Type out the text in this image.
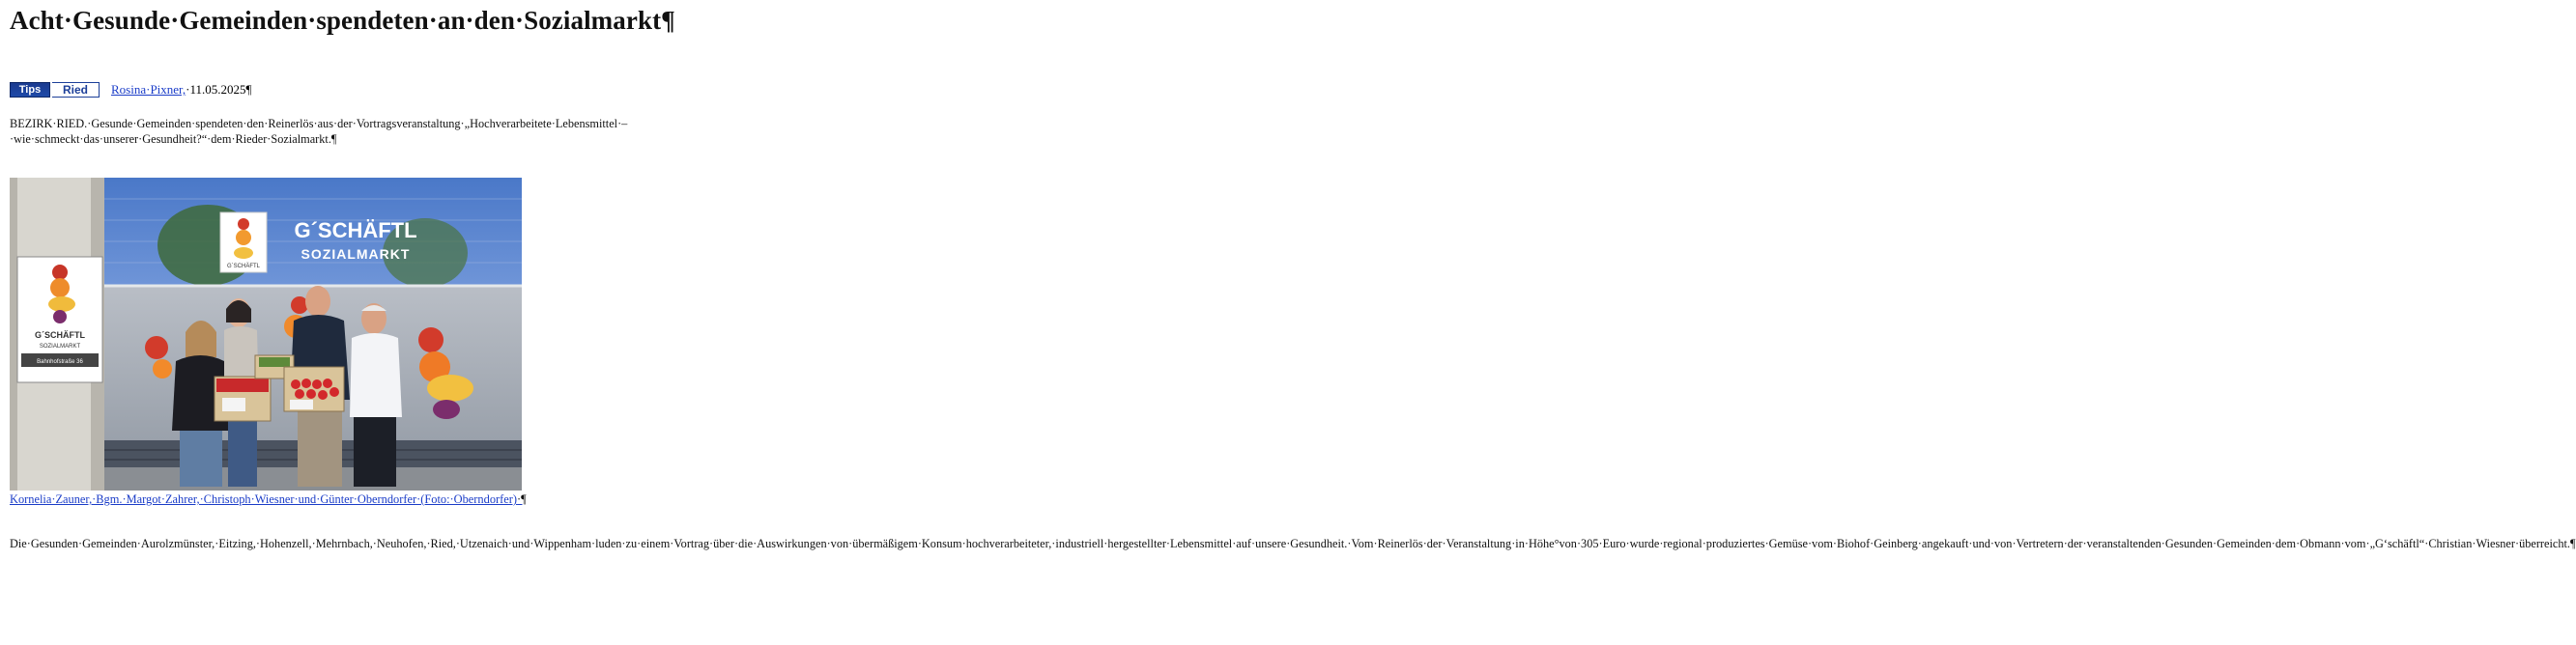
Acht·Gesunde·Gemeinden·spendeten·an·den·Sozialmarkt¶
Tips	Ried	Rosina·Pixner,·11.05.2025¶

BEZIRK·RIED.·Gesunde·Gemeinden·spendeten·den·Reinerlös·aus·der·Vortragsveranstaltung·„Hochverarbeitete·Lebensmittel·–·wie·schmeckt·das·unserer·Gesundheit?“·dem·Rieder·Sozialmarkt.¶

G´SCHÄFTL
G´SCHÄFTL
SOZIALMARKT
G´SCHÄFTL
SOZIALMARKT
Bahnhofstraße 36
Kornelia·Zauner,·Bgm.·Margot·Zahrer,·Christoph·Wiesner·und·Günter·Oberndorfer·(Foto:·Oberndorfer)·¶

Die·Gesunden·Gemeinden·Aurolzmünster,·Eitzing,·Hohenzell,·Mehrnbach,·Neuhofen,·Ried,·Utzenaich·und·Wippenham·luden·zu·einem·Vortrag·über·die·Auswirkungen·von·übermäßigem·Konsum·hochverarbeiteter,·industriell·hergestellter·Lebensmittel·auf·unsere·Gesundheit.·Vom·Reinerlös·der·Veranstaltung·in·Höhe°von·305·Euro·wurde·regional·produziertes·Gemüse·vom·Biohof·Geinberg·angekauft·und·von·Vertretern·der·veranstaltenden·Gesunden·Gemeinden·dem·Obmann·vom·„G‘schäftl“·Christian·Wiesner·überreicht.¶
